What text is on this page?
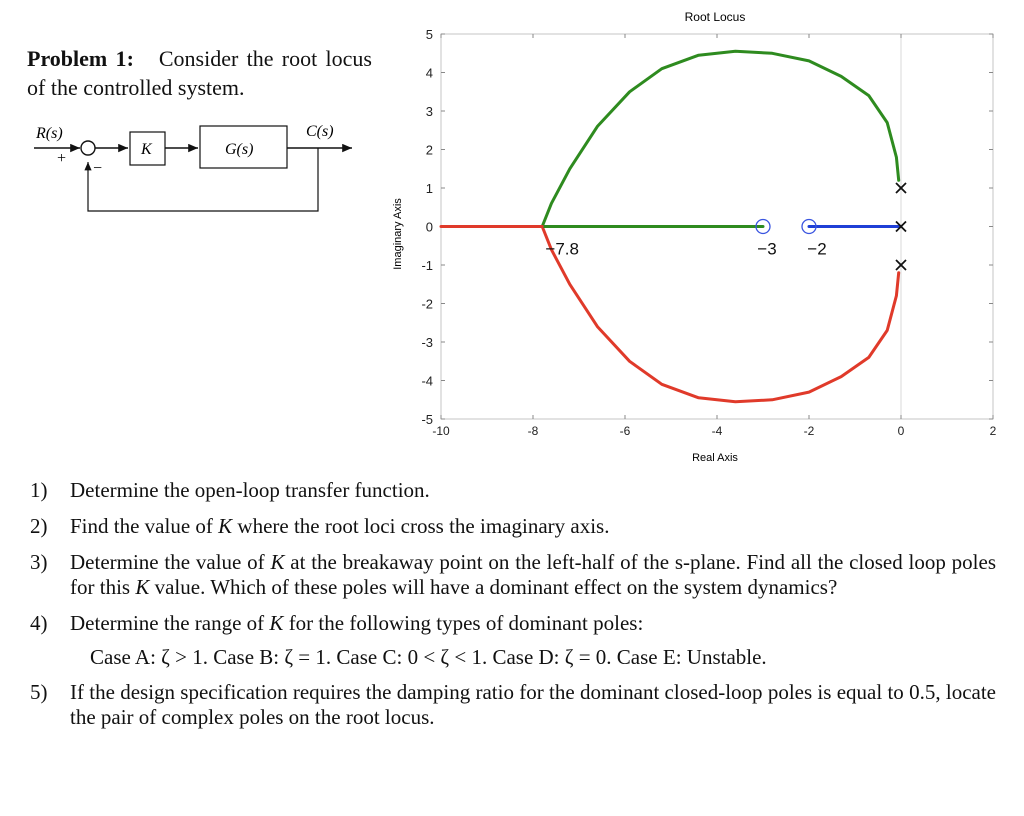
Problem 1: Consider the root locus of the controlled system.
R(s)
+
−
K	G(s)
C(s)
Root Locus
Imaginary Axis
Real Axis
-10	-8	-6	-4	-2	0	2
5
4
3
2
1
0
-1
-2
-3
-4
-5
−7.8	−3 −2
1)	Determine the open-loop transfer function.
2)	Find the value of K where the root loci cross the imaginary axis.
3)	Determine the value of K at the breakaway point on the left-half of the s-plane. Find all the closed loop poles for this K value. Which of these poles will have a dominant effect on the system dynamics?
4)	Determine the range of K for the following types of dominant poles:
Case A: ζ > 1. Case B: ζ = 1. Case C: 0 < ζ < 1. Case D: ζ = 0. Case E: Unstable.
5)	If the design specification requires the damping ratio for the dominant closed-loop poles is equal to 0.5, locate the pair of complex poles on the root locus.
